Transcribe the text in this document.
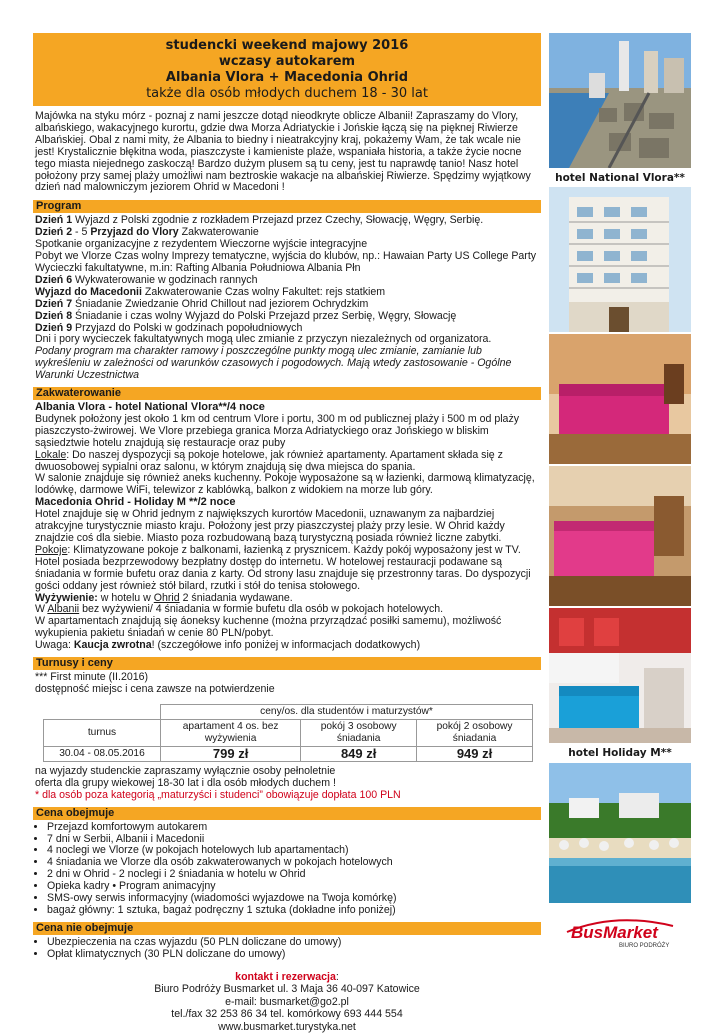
studencki weekend majowy 2016
wczasy autokarem
Albania Vlora + Macedonia Ohrid
także dla osób młodych duchem 18 - 30 lat
Majówka na styku mórz - poznaj z nami jeszcze dotąd nieodkryte oblicze Albanii! Zapraszamy do Vlory, albańskiego, wakacyjnego kurortu, gdzie dwa Morza Adriatyckie i Jońskie łączą się na pięknej Riwierze Albańskiej. Obal z nami mity, że Albania to biedny i nieatrakcyjny kraj, pokażemy Wam, że tak wcale nie jest! Krystalicznie błękitna woda, piaszczyste i kamieniste plaże, wspaniała historia, a także życie nocne tego miasta niejednego zaskoczą! Bardzo dużym plusem są tu ceny, jest tu naprawdę tanio! Nasz hotel położony przy samej plaży umożliwi nam beztroskie wakacje na albańskiej Riwierze. Spędzimy wyjątkowy dzień nad malowniczym jeziorem Ohrid w Macedoni !
Program

Dzień 1 Wyjazd z Polski zgodnie z rozkładem Przejazd przez Czechy, Słowację, Węgry, Serbię.

Dzień 2 - 5 Przyjazd do Vlory Zakwaterowanie

Spotkanie organizacyjne z rezydentem Wieczorne wyjście integracyjne

Pobyt we Vlorze Czas wolny Imprezy tematyczne, wyjścia do klubów, np.: Hawaian Party US College Party Wycieczki fakultatywne, m.in: Rafting Albania Południowa Albania Płn

Dzień 6 Wykwaterowanie w godzinach rannych

Wyjazd do Macedonii Zakwaterowanie Czas wolny Fakultet: rejs statkiem

Dzień 7 Śniadanie Zwiedzanie Ohrid Chillout nad jeziorem Ochrydzkim

Dzień 8 Śniadanie i czas wolny Wyjazd do Polski Przejazd przez Serbię, Węgry, Słowację

Dzień 9 Przyjazd do Polski w godzinach popołudniowych

Dni i pory wycieczek fakultatywnych mogą ulec zmianie z przyczyn niezależnych od organizatora.

Podany program ma charakter ramowy i poszczególne punkty mogą ulec zmianie, zamianie lub wykreśleniu w zależności od warunków czasowych i pogodowych. Mają wtedy zastosowanie - Ogólne Warunki Uczestnictwa

Zakwaterowanie

Albania Vlora - hotel National Vlora**/4 noce

Budynek położony jest około 1 km od centrum Vlore i portu, 300 m od publicznej plaży i 500 m od plaży piaszczysto-żwirowej. We Vlore przebiega granica Morza Adriatyckiego oraz Jońskiego w bliskim sąsiedztwie hotelu znajdują się restauracje oraz puby

Lokale: Do naszej dyspozycji są pokoje hotelowe, jak również apartamenty. Apartament składa się z dwuosobowej sypialni oraz salonu, w którym znajdują się dwa miejsca do spania.

W salonie znajduje się również aneks kuchenny. Pokoje wyposażone są w łazienki, darmową klimatyzację, lodówkę, darmowe WiFi, telewizor z kablówką, balkon z widokiem na morze lub góry.

Macedonia Ohrid - Holiday M **/2 noce

Hotel znajduje się w Ohrid jednym z największych kurortów Macedonii, uznawanym za najbardziej atrakcyjne turystycznie miasto kraju. Położony jest przy piaszczystej plaży przy lesie. W Ohrid każdy znajdzie coś dla siebie. Miasto poza rozbudowaną bazą turystyczną posiada również liczne zabytki.

Pokoje: Klimatyzowane pokoje z balkonami, łazienką z prysznicem. Każdy pokój wyposażony jest w TV. Hotel posiada bezprzewodowy bezpłatny dostęp do internetu. W hotelowej restauracji podawane są śniadania w formie bufetu oraz dania z karty. Od strony lasu znajduje się przestronny taras. Do dyspozycji gości oddany jest również stół bilard, rzutki i stół do tenisa stołowego.

Wyżywienie: w hotelu w Ohrid 2 śniadania wydawane.

W Albanii bez wyżywieni/ 4 śniadania w formie bufetu dla osób w pokojach hotelowych.

W apartamentach znajdują się áoneksy kuchenne (można przyrządzać posiłki samemu), możliwość wykupienia pakietu śniadań w cenie 80 PLN/pobyt.

Uwaga: Kaucja zwrotna! (szczegółowe info poniżej w informacjach dodatkowych)

Turnusy i ceny

*** First minute (II.2016)

dostępność miejsc i cena zawsze na potwierdzenie

	ceny/os. dla studentów i maturzystów*		
turnus	apartament 4 os. bez wyżywienia	pokój 3 osobowy śniadania	pokój 2 osobowy śniadania
30.04 - 08.05.2016	799 zł	849 zł	949 zł

na wyjazdy studenckie zapraszamy wyłącznie osoby pełnoletnie

oferta dla grupy wiekowej 18-30 lat i dla osób młodych duchem !

* dla osób poza kategorią „maturzyści i studenci” obowiązuje dopłata 100 PLN

Cena obejmuje
• Przejazd komfortowym autokarem
• 7 dni w Serbii, Albanii i Macedonii
• 4 noclegi we Vlorze (w pokojach hotelowych lub apartamentach)
• 4 śniadania we Vlorze dla osób zakwaterowanych w pokojach hotelowych
• 2 dni w Ohrid - 2 noclegi i 2 śniadania w hotelu w Ohrid
• Opieka kadry • Program animacyjny
• SMS-owy serwis informacyjny (wiadomości wyjazdowe na Twoja komórkę)
• bagaż główny: 1 sztuka, bagaż podręczny 1 sztuka (dokładne info poniżej)
Cena nie obejmuje
• Ubezpieczenia na czas wyjazdu (50 PLN doliczane do umowy)
• Opłat klimatycznych (30 PLN doliczane do umowy)
kontakt i rezerwacja:
Biuro Podróży Busmarket ul. 3 Maja 36 40-097 Katowice
e-mail: busmarket@go2.pl
tel./fax 32 253 86 34 tel. komórkowy 693 444 554
www.busmarket.turystyka.net
hotel National Vlora**
hotel Holiday M**
BusMarket
BIURO PODRÓŻY
